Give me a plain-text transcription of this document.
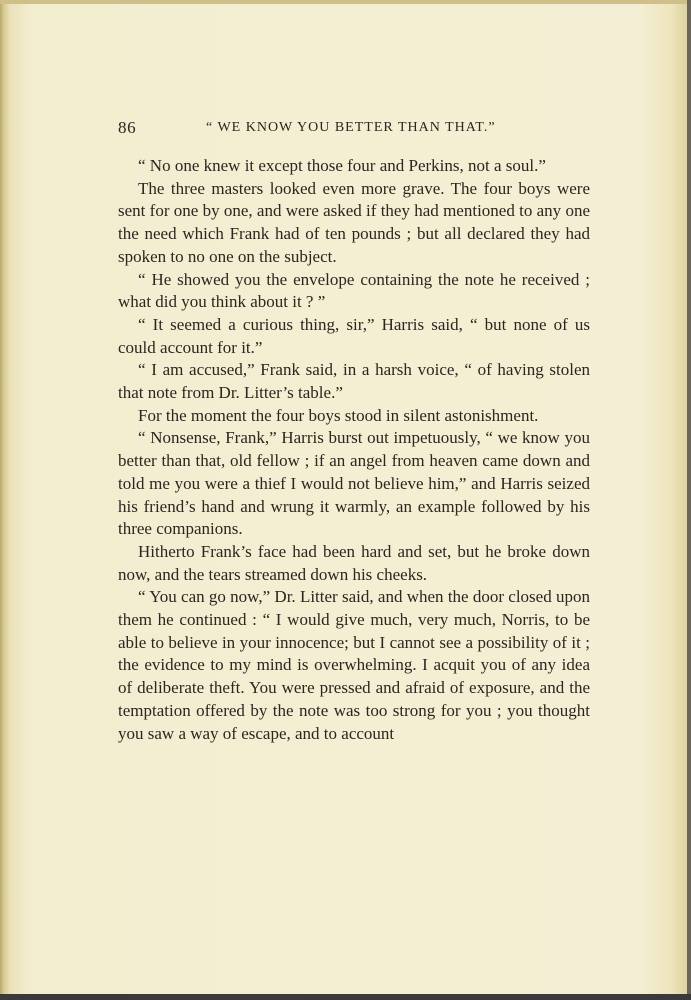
86	“ WE KNOW YOU BETTER THAN THAT.”

“ No one knew it except those four and Perkins, not a soul.”

The three masters looked even more grave. The four boys were sent for one by one, and were asked if they had mentioned to any one the need which Frank had of ten pounds ; but all declared they had spoken to no one on the subject.

“ He showed you the envelope containing the note he received ; what did you think about it ? ”

“ It seemed a curious thing, sir,” Harris said, “ but none of us could account for it.”

“ I am accused,” Frank said, in a harsh voice, “ of having stolen that note from Dr. Litter’s table.”

For the moment the four boys stood in silent astonishment.

“ Nonsense, Frank,” Harris burst out impetuously, “ we know you better than that, old fellow ; if an angel from heaven came down and told me you were a thief I would not believe him,” and Harris seized his friend’s hand and wrung it warmly, an example followed by his three companions.

Hitherto Frank’s face had been hard and set, but he broke down now, and the tears streamed down his cheeks.

“ You can go now,” Dr. Litter said, and when the door closed upon them he continued : “ I would give much, very much, Norris, to be able to believe in your innocence; but I cannot see a possibility of it ; the evidence to my mind is overwhelming. I acquit you of any idea of deliberate theft. You were pressed and afraid of exposure, and the temptation offered by the note was too strong for you ; you thought you saw a way of escape, and to account
